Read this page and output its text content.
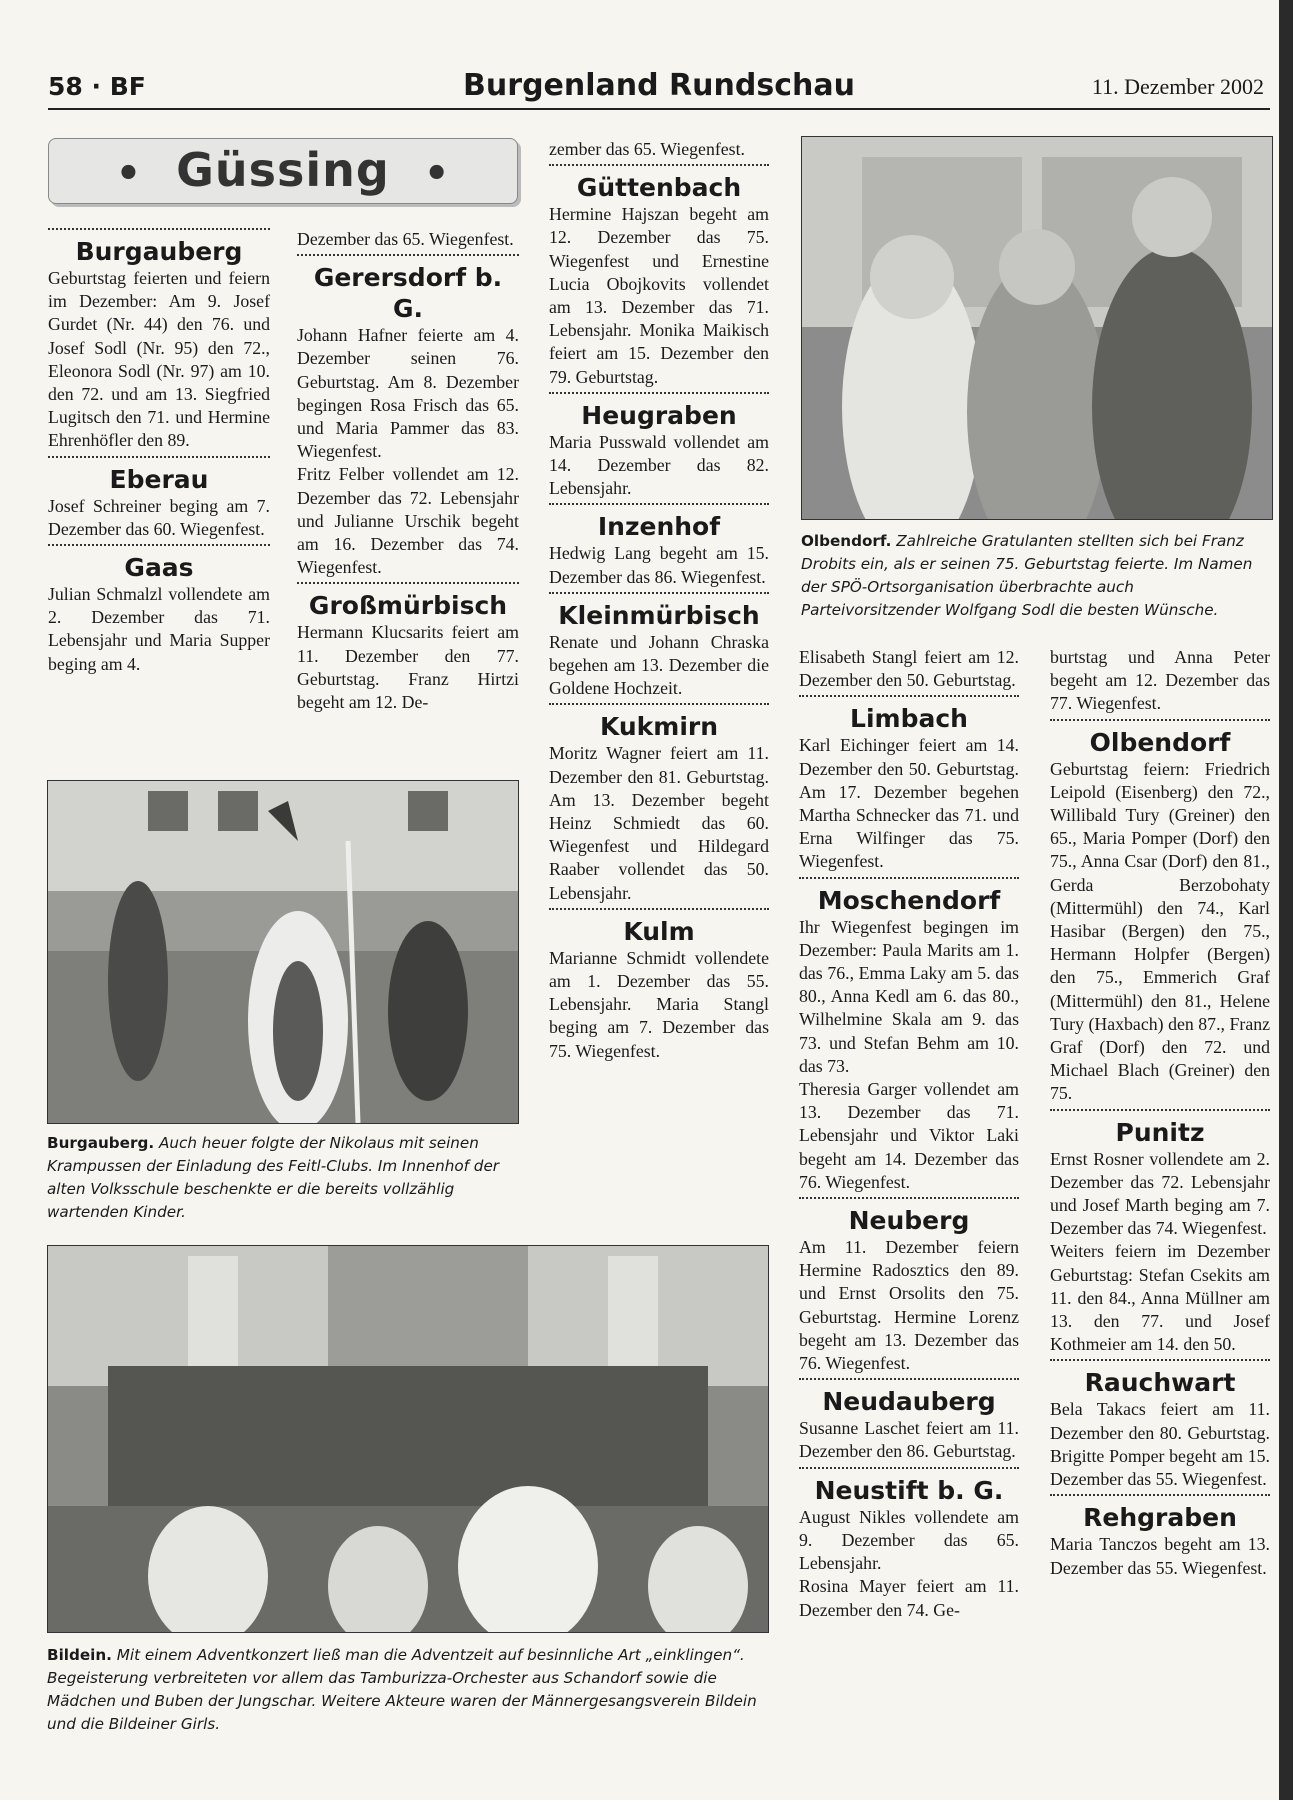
58 · BF	Burgenland Rundschau	11. Dezember 2002
• Güssing •
Burgauberg

Geburtstag feierten und feiern im Dezember: Am 9. Josef Gurdet (Nr. 44) den 76. und Josef Sodl (Nr. 95) den 72., Eleonora Sodl (Nr. 97) am 10. den 72. und am 13. Siegfried Lugitsch den 71. und Hermine Ehrenhöfler den 89.

Eberau

Josef Schreiner beging am 7. Dezember das 60. Wiegenfest.

Gaas

Julian Schmalzl vollendete am 2. Dezember das 71. Lebensjahr und Maria Supper beging am 4.

Dezember das 65. Wiegenfest.

Gerersdorf b. G.

Johann Hafner feierte am 4. Dezember seinen 76. Geburtstag. Am 8. Dezember begingen Rosa Frisch das 65. und Maria Pammer das 83. Wiegenfest.

Fritz Felber vollendet am 12. Dezember das 72. Lebensjahr und Julianne Urschik begeht am 16. Dezember das 74. Wiegenfest.

Großmürbisch

Hermann Klucsarits feiert am 11. Dezember den 77. Geburtstag. Franz Hirtzi begeht am 12. De-

zember das 65. Wiegenfest.

Güttenbach

Hermine Hajszan begeht am 12. Dezember das 75. Wiegenfest und Ernestine Lucia Obojkovits vollendet am 13. Dezember das 71. Lebensjahr. Monika Maikisch feiert am 15. Dezember den 79. Geburtstag.

Heugraben

Maria Pusswald vollendet am 14. Dezember das 82. Lebensjahr.

Inzenhof

Hedwig Lang begeht am 15. Dezember das 86. Wiegenfest.

Kleinmürbisch

Renate und Johann Chraska begehen am 13. Dezember die Goldene Hochzeit.

Kukmirn

Moritz Wagner feiert am 11. Dezember den 81. Geburtstag. Am 13. Dezember begeht Heinz Schmiedt das 60. Wiegenfest und Hildegard Raaber vollendet das 50. Lebensjahr.

Kulm

Marianne Schmidt vollendete am 1. Dezember das 55. Lebensjahr. Maria Stangl beging am 7. Dezember das 75. Wiegenfest.

Elisabeth Stangl feiert am 12. Dezember den 50. Geburtstag.

Limbach

Karl Eichinger feiert am 14. Dezember den 50. Geburtstag. Am 17. Dezember begehen Martha Schnecker das 71. und Erna Wilfinger das 75. Wiegenfest.

Moschendorf

Ihr Wiegenfest begingen im Dezember: Paula Marits am 1. das 76., Emma Laky am 5. das 80., Anna Kedl am 6. das 80., Wilhelmine Skala am 9. das 73. und Stefan Behm am 10. das 73.

Theresia Garger vollendet am 13. Dezember das 71. Lebensjahr und Viktor Laki begeht am 14. Dezember das 76. Wiegenfest.

Neuberg

Am 11. Dezember feiern Hermine Radosztics den 89. und Ernst Orsolits den 75. Geburtstag. Hermine Lorenz begeht am 13. Dezember das 76. Wiegenfest.

Neudauberg

Susanne Laschet feiert am 11. Dezember den 86. Geburtstag.

Neustift b. G.

August Nikles vollendete am 9. Dezember das 65. Lebensjahr.

Rosina Mayer feiert am 11. Dezember den 74. Ge-

burtstag und Anna Peter begeht am 12. Dezember das 77. Wiegenfest.

Olbendorf

Geburtstag feiern: Friedrich Leipold (Eisenberg) den 72., Willibald Tury (Greiner) den 65., Maria Pomper (Dorf) den 75., Anna Csar (Dorf) den 81., Gerda Berzobohaty (Mittermühl) den 74., Karl Hasibar (Bergen) den 75., Hermann Holpfer (Bergen) den 75., Emmerich Graf (Mittermühl) den 81., Helene Tury (Haxbach) den 87., Franz Graf (Dorf) den 72. und Michael Blach (Greiner) den 75.

Punitz

Ernst Rosner vollendete am 2. Dezember das 72. Lebensjahr und Josef Marth beging am 7. Dezember das 74. Wiegenfest.

Weiters feiern im Dezember Geburtstag: Stefan Csekits am 11. den 84., Anna Müllner am 13. den 77. und Josef Kothmeier am 14. den 50.

Rauchwart

Bela Takacs feiert am 11. Dezember den 80. Geburtstag. Brigitte Pomper begeht am 15. Dezember das 55. Wiegenfest.

Rehgraben

Maria Tanczos begeht am 13. Dezember das 55. Wiegenfest.

Olbendorf. Zahlreiche Gratulanten stellten sich bei Franz Drobits ein, als er seinen 75. Geburtstag feierte. Im Namen der SPÖ-Ortsorganisation überbrachte auch Parteivorsitzender Wolfgang Sodl die besten Wünsche.
Burgauberg. Auch heuer folgte der Nikolaus mit seinen Krampussen der Einladung des Feitl-Clubs. Im Innenhof der alten Volksschule beschenkte er die bereits vollzählig wartenden Kinder.
Bildein. Mit einem Adventkonzert ließ man die Adventzeit auf besinnliche Art „einklingen“. Begeisterung verbreiteten vor allem das Tamburizza-Orchester aus Schandorf sowie die Mädchen und Buben der Jungschar. Weitere Akteure waren der Männergesangsverein Bildein und die Bildeiner Girls.
